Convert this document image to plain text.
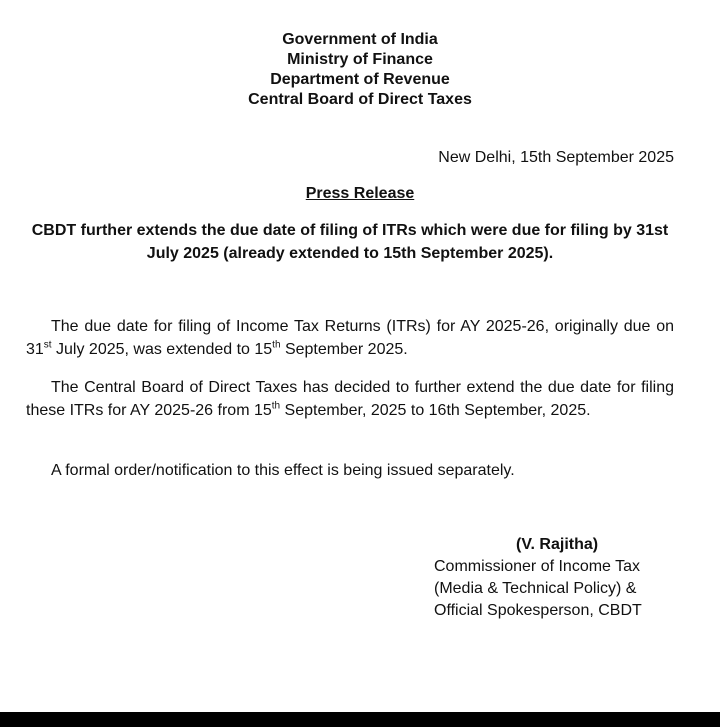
Government of India
Ministry of Finance
Department of Revenue
Central Board of Direct Taxes
New Delhi, 15th September 2025
Press Release
CBDT further extends the due date of filing of ITRs which were due for filing by 31st July 2025 (already extended to 15th September 2025).
The due date for filing of Income Tax Returns (ITRs) for AY 2025-26, originally due on 31st July 2025, was extended to 15th September 2025.
The Central Board of Direct Taxes has decided to further extend the due date for filing these ITRs for AY 2025-26 from 15th September, 2025 to 16th September, 2025.
A formal order/notification to this effect is being issued separately.
(V. Rajitha)
Commissioner of Income Tax
(Media & Technical Policy) &
Official Spokesperson, CBDT
